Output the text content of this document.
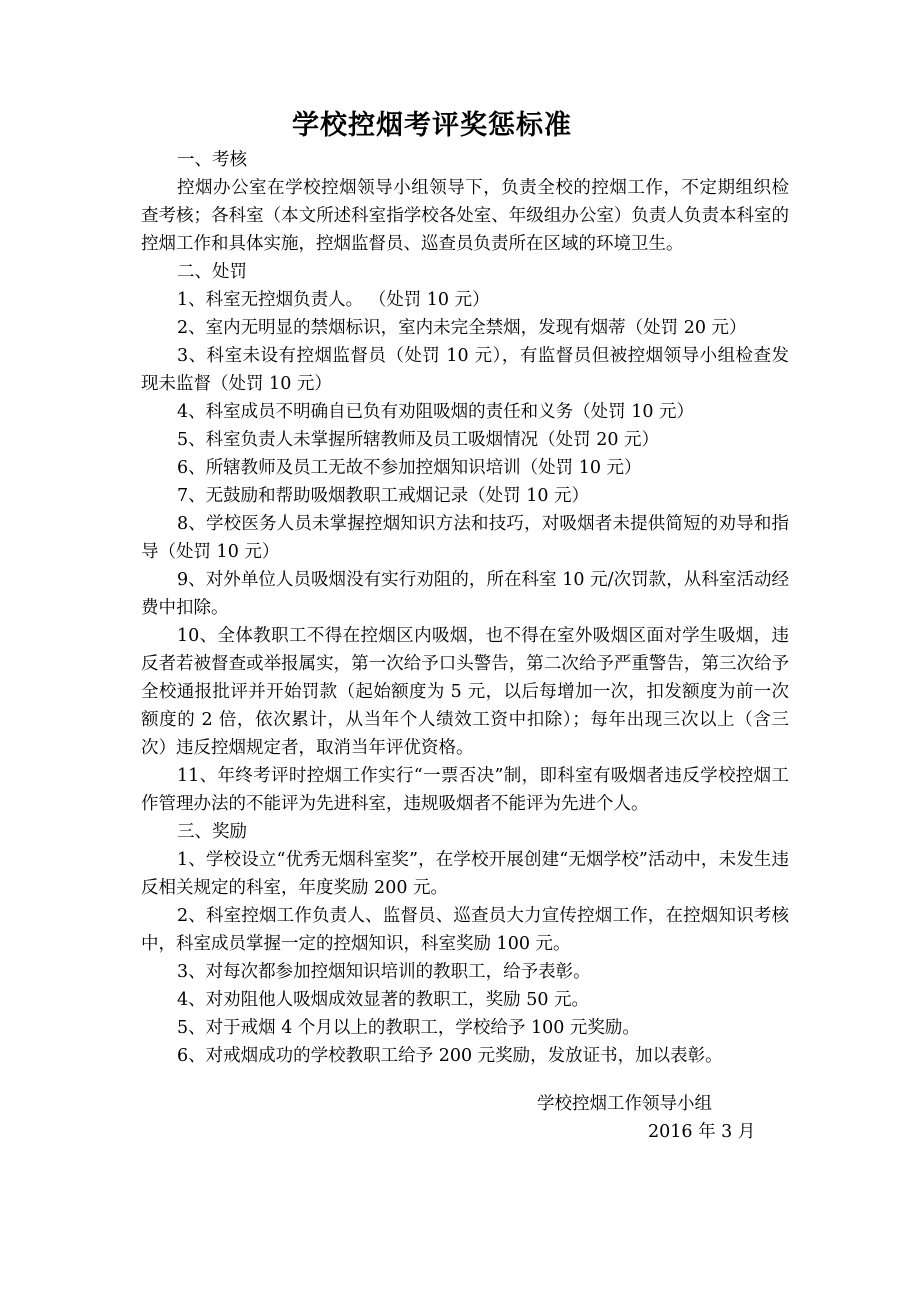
学校控烟考评奖惩标准

一、考核

控烟办公室在学校控烟领导小组领导下，负责全校的控烟工作，不定期组织检查考核；各科室（本文所述科室指学校各处室、年级组办公室）负责人负责本科室的控烟工作和具体实施，控烟监督员、巡查员负责所在区域的环境卫生。

二、处罚

1、科室无控烟负责人。 （处罚 10 元）

2、室内无明显的禁烟标识，室内未完全禁烟，发现有烟蒂（处罚 20 元）

3、科室未设有控烟监督员（处罚 10 元），有监督员但被控烟领导小组检查发现未监督（处罚 10 元）

4、科室成员不明确自已负有劝阻吸烟的责任和义务（处罚 10 元）

5、科室负责人未掌握所辖教师及员工吸烟情况（处罚 20 元）

6、所辖教师及员工无故不参加控烟知识培训（处罚 10 元）

7、无鼓励和帮助吸烟教职工戒烟记录（处罚 10 元）

8、学校医务人员未掌握控烟知识方法和技巧，对吸烟者未提供简短的劝导和指导（处罚 10 元）

9、对外单位人员吸烟没有实行劝阻的，所在科室 10 元/次罚款，从科室活动经费中扣除。

10、全体教职工不得在控烟区内吸烟，也不得在室外吸烟区面对学生吸烟，违反者若被督查或举报属实，第一次给予口头警告，第二次给予严重警告，第三次给予全校通报批评并开始罚款（起始额度为 5 元，以后每增加一次，扣发额度为前一次额度的 2 倍，依次累计，从当年个人绩效工资中扣除）；每年出现三次以上（含三次）违反控烟规定者，取消当年评优资格。

11、年终考评时控烟工作实行“一票否决”制，即科室有吸烟者违反学校控烟工作管理办法的不能评为先进科室，违规吸烟者不能评为先进个人。

三、奖励

1、学校设立“优秀无烟科室奖”，在学校开展创建“无烟学校”活动中，未发生违反相关规定的科室，年度奖励 200 元。

2、科室控烟工作负责人、监督员、巡查员大力宣传控烟工作，在控烟知识考核中，科室成员掌握一定的控烟知识，科室奖励 100 元。

3、对每次都参加控烟知识培训的教职工，给予表彰。

4、对劝阻他人吸烟成效显著的教职工，奖励 50 元。

5、对于戒烟 4 个月以上的教职工，学校给予 100 元奖励。

6、对戒烟成功的学校教职工给予 200 元奖励，发放证书，加以表彰。

学校控烟工作领导小组
2016 年 3 月
